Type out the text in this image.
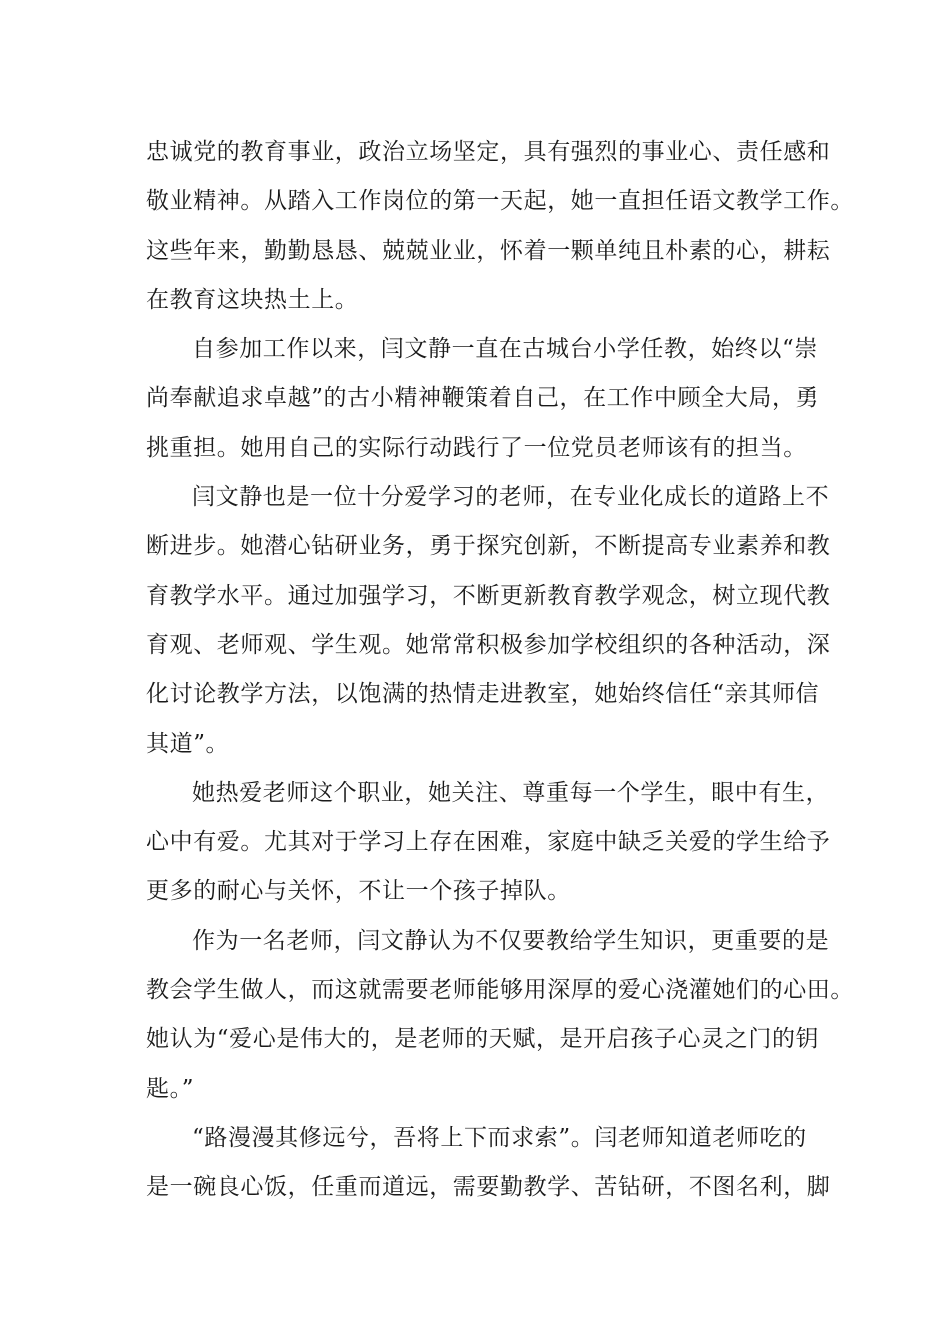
忠诚党的教育事业，政治立场坚定，具有强烈的事业心、责任感和
敬业精神。从踏入工作岗位的第一天起，她一直担任语文教学工作。
这些年来，勤勤恳恳、兢兢业业，怀着一颗单纯且朴素的心，耕耘
在教育这块热土上。
自参加工作以来，闫文静一直在古城台小学任教，始终以“崇
尚奉献追求卓越”的古小精神鞭策着自己，在工作中顾全大局，勇
挑重担。她用自己的实际行动践行了一位党员老师该有的担当。
闫文静也是一位十分爱学习的老师，在专业化成长的道路上不
断进步。她潜心钻研业务，勇于探究创新，不断提高专业素养和教
育教学水平。通过加强学习，不断更新教育教学观念，树立现代教
育观、老师观、学生观。她常常积极参加学校组织的各种活动，深
化讨论教学方法，以饱满的热情走进教室，她始终信任“亲其师信
其道”。
她热爱老师这个职业，她关注、尊重每一个学生，眼中有生，
心中有爱。尤其对于学习上存在困难，家庭中缺乏关爱的学生给予
更多的耐心与关怀，不让一个孩子掉队。
作为一名老师，闫文静认为不仅要教给学生知识，更重要的是
教会学生做人，而这就需要老师能够用深厚的爱心浇灌她们的心田。
她认为“爱心是伟大的，是老师的天赋，是开启孩子心灵之门的钥
匙。”
“路漫漫其修远兮，吾将上下而求索”。闫老师知道老师吃的
是一碗良心饭，任重而道远，需要勤教学、苦钻研，不图名利，脚
